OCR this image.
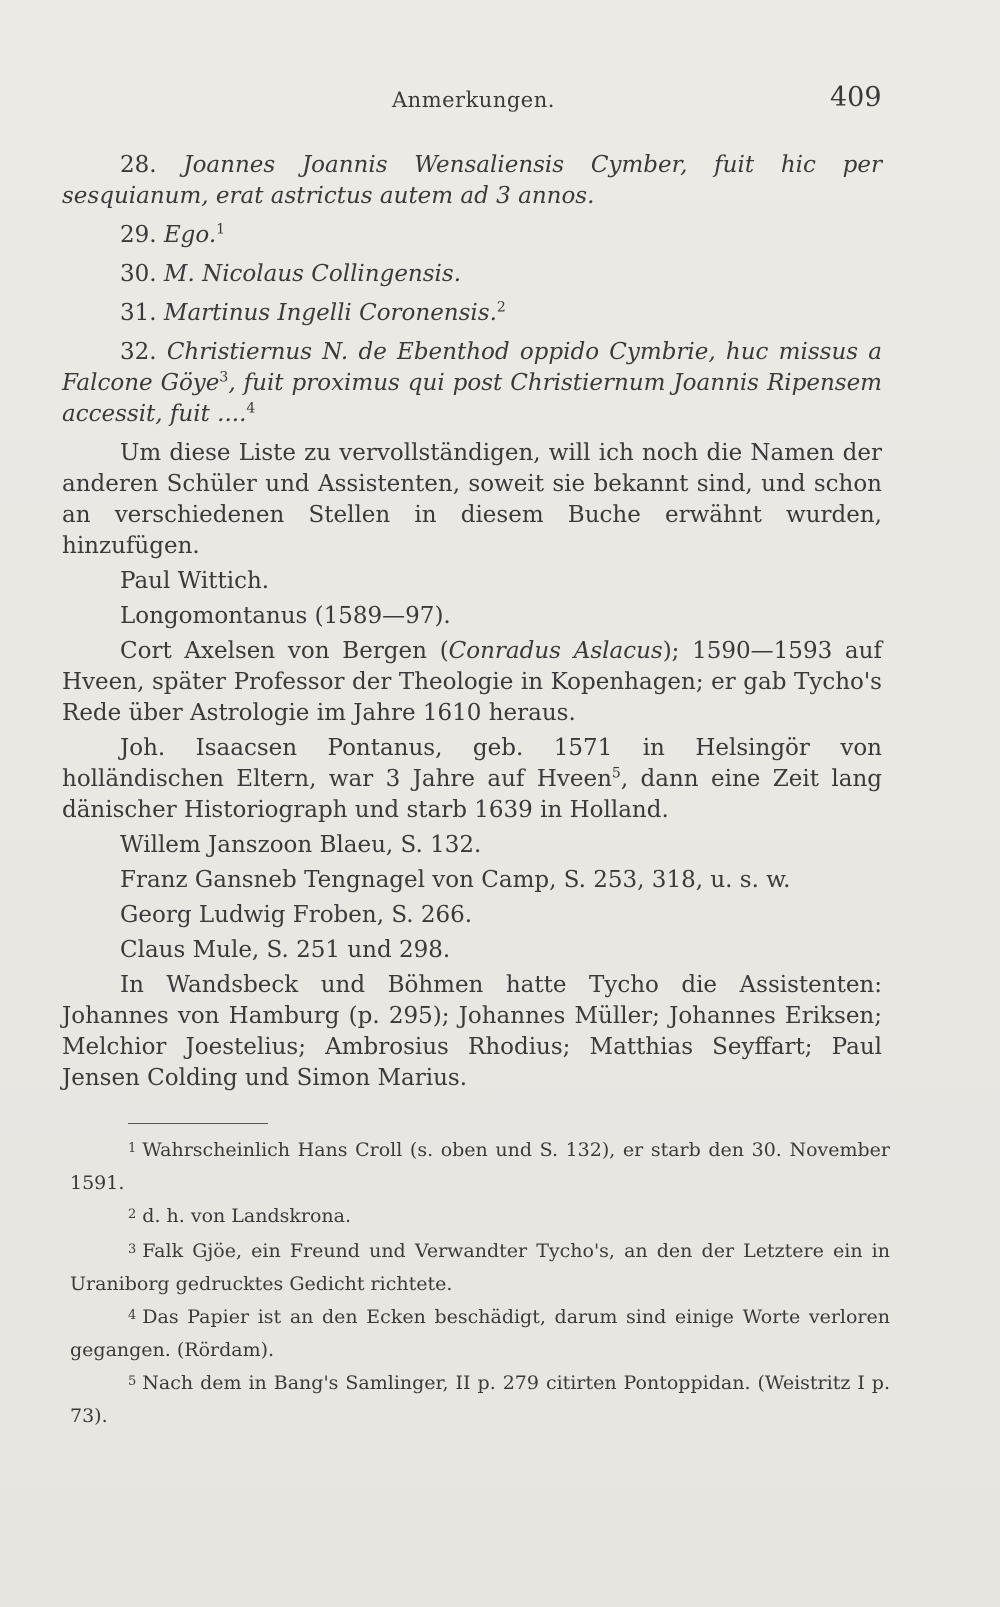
Anmerkungen.	409
28. Joannes Joannis Wensaliensis Cymber, fuit hic per sesquianum, erat astrictus autem ad 3 annos.
29. Ego.$^1$
30. M. Nicolaus Collingensis.
31. Martinus Ingelli Coronensis.$^2$
32. Christiernus N. de Ebenthod oppido Cymbrie, huc missus a Falcone Göye$^3$, fuit proximus qui post Christiernum Joannis Ripensem accessit, fuit ....$^4$

Um diese Liste zu vervollständigen, will ich noch die Namen der anderen Schüler und Assistenten, soweit sie bekannt sind, und schon an verschiedenen Stellen in diesem Buche erwähnt wurden, hinzufügen.

Paul Wittich.

Longomontanus (1589—97).

Cort Axelsen von Bergen (Conradus Aslacus); 1590—1593 auf Hveen, später Professor der Theologie in Kopenhagen; er gab Tycho's Rede über Astrologie im Jahre 1610 heraus.

Joh. Isaacsen Pontanus, geb. 1571 in Helsingör von holländischen Eltern, war 3 Jahre auf Hveen$^5$, dann eine Zeit lang dänischer Historiograph und starb 1639 in Holland.

Willem Janszoon Blaeu, S. 132.

Franz Gansneb Tengnagel von Camp, S. 253, 318, u. s. w.

Georg Ludwig Froben, S. 266.

Claus Mule, S. 251 und 298.

In Wandsbeck und Böhmen hatte Tycho die Assistenten: Johannes von Hamburg (p. 295); Johannes Müller; Johannes Eriksen; Melchior Joestelius; Ambrosius Rhodius; Matthias Seyffart; Paul Jensen Colding und Simon Marius.

$^1$ Wahrscheinlich Hans Croll (s. oben und S. 132), er starb den 30. November 1591.

$^2$ d. h. von Landskrona.

$^3$ Falk Gjöe, ein Freund und Verwandter Tycho's, an den der Letztere ein in Uraniborg gedrucktes Gedicht richtete.

$^4$ Das Papier ist an den Ecken beschädigt, darum sind einige Worte verloren gegangen. (Rördam).

$^5$ Nach dem in Bang's Samlinger, II p. 279 citirten Pontoppidan. (Weistritz I p. 73).
